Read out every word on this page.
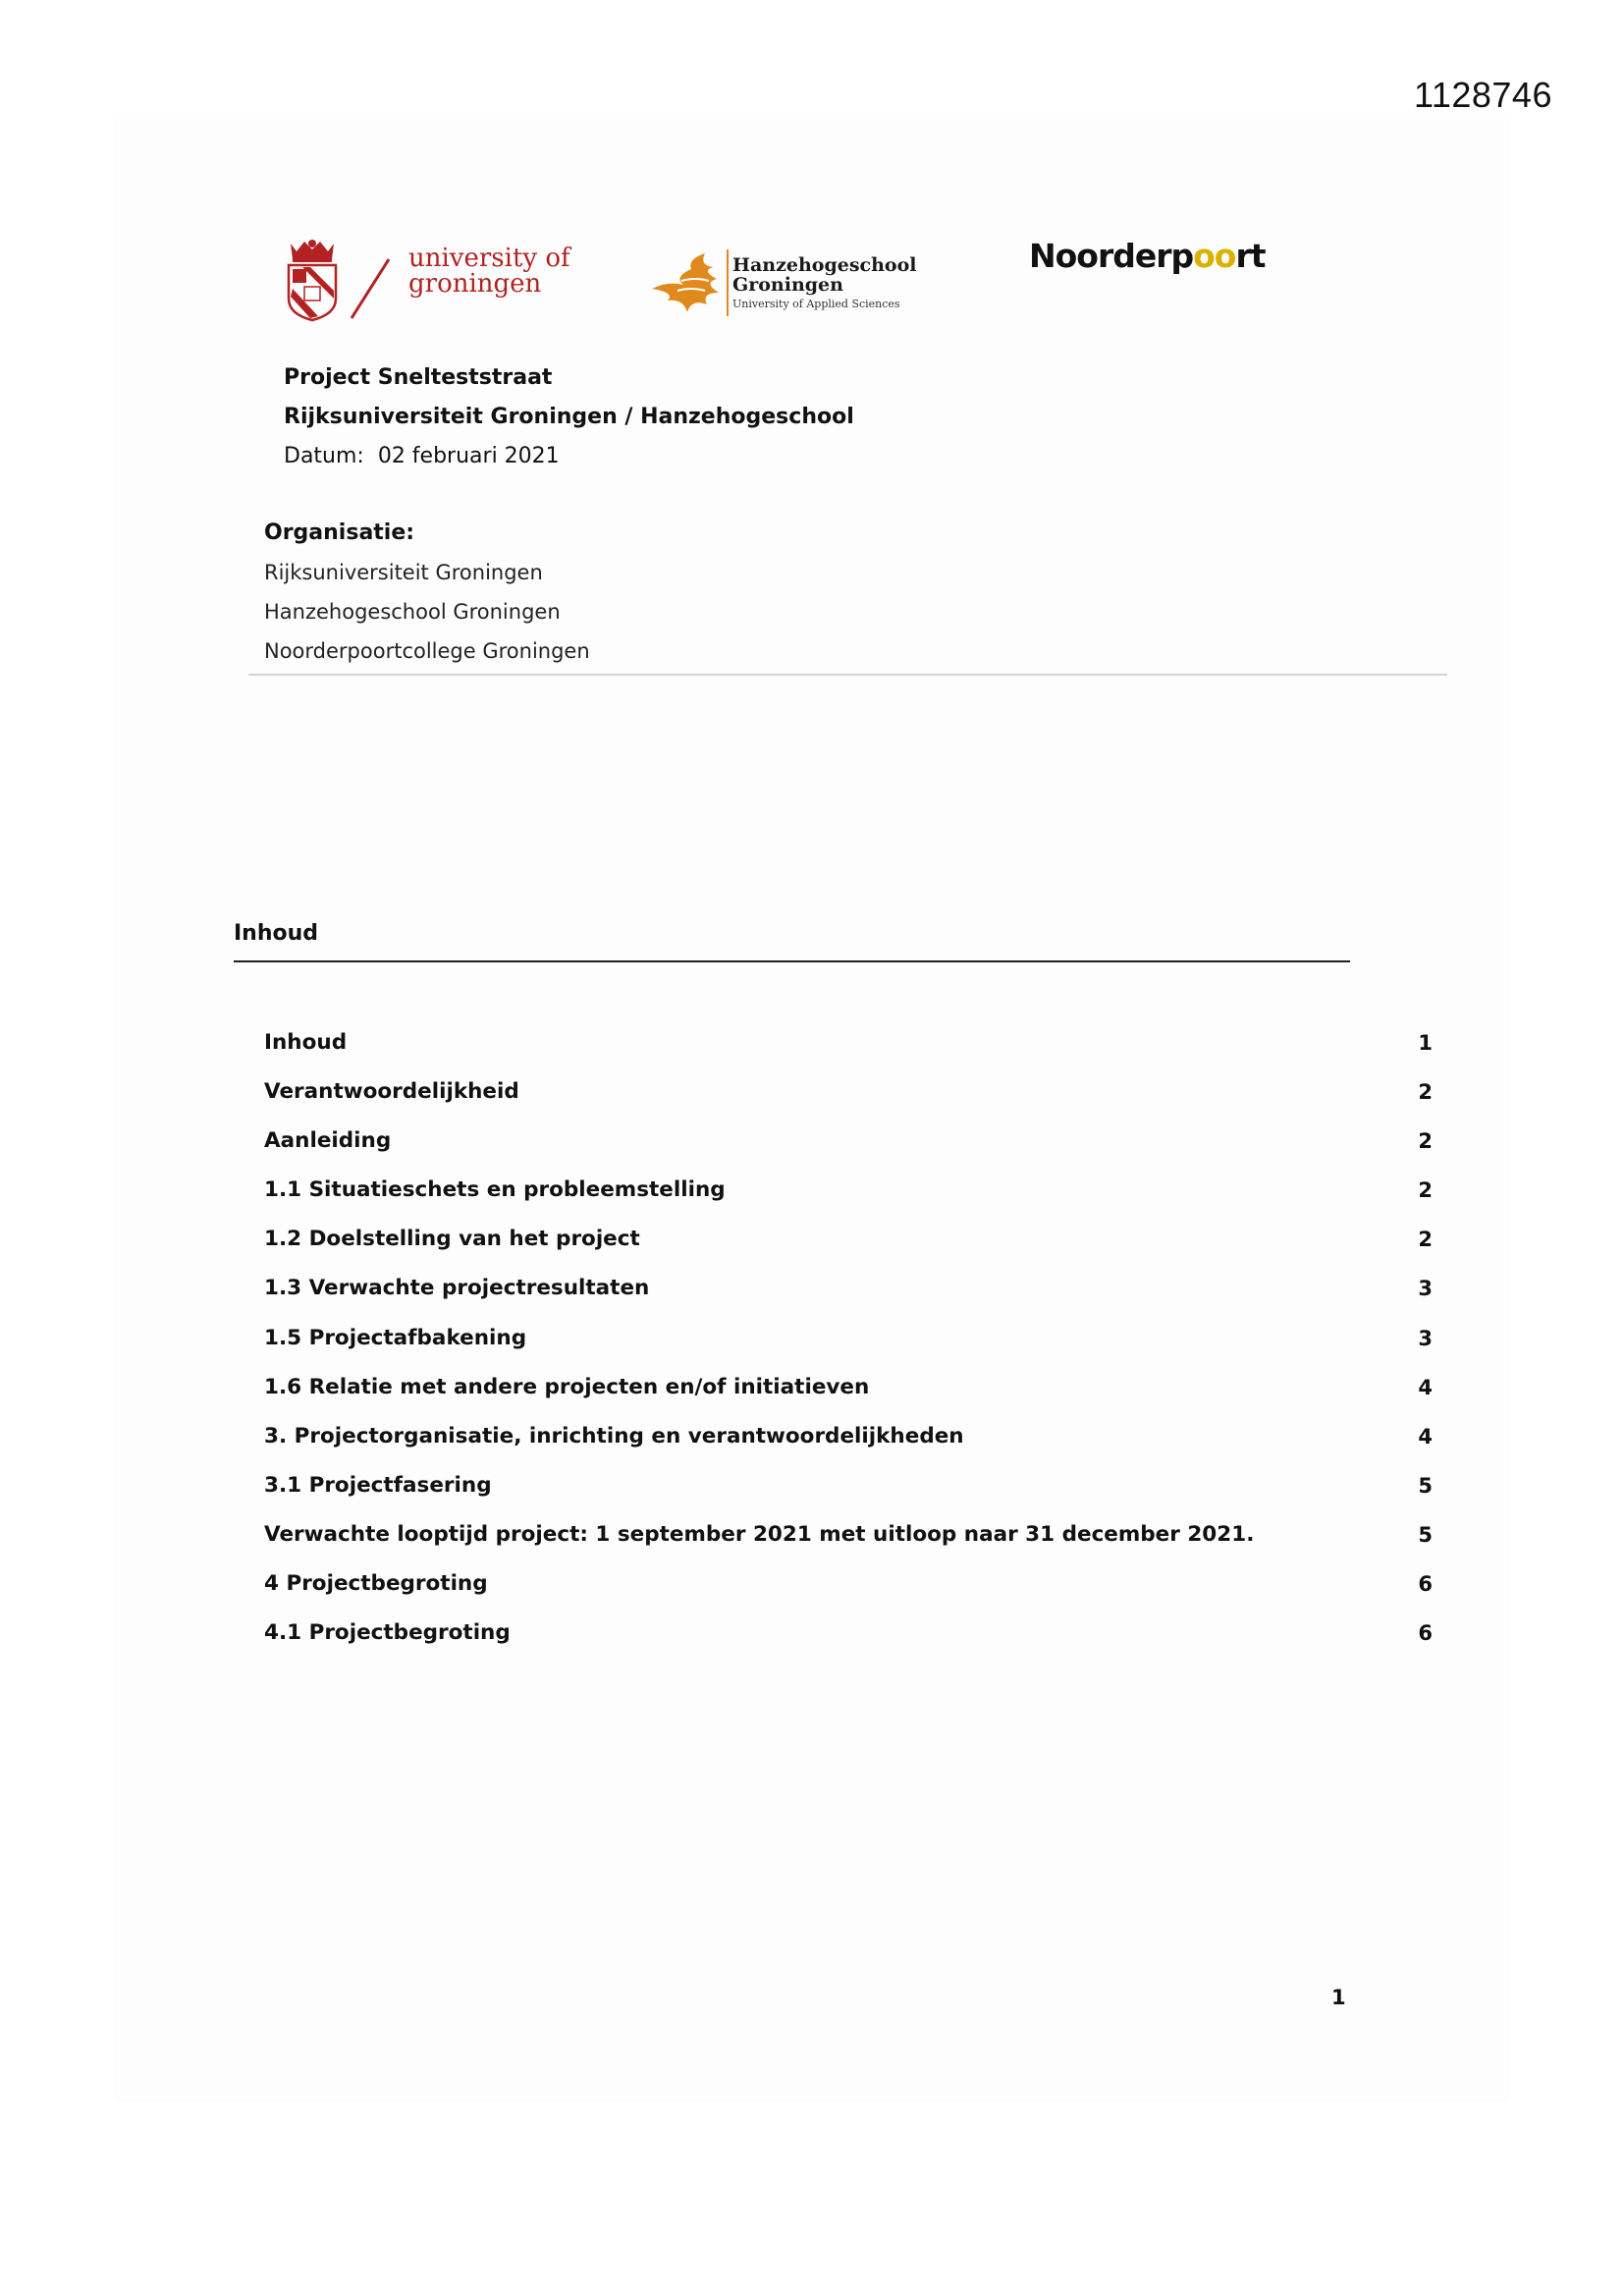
1128746
university of
groningen
Hanzehogeschool
Groningen
University of Applied Sciences
Noorderpoort
Project Snelteststraat
Rijksuniversiteit Groningen / Hanzehogeschool
Datum:  02 februari 2021
Organisatie:
Rijksuniversiteit Groningen
Hanzehogeschool Groningen
Noorderpoortcollege Groningen
Inhoud
Inhoud	1
Verantwoordelijkheid	2
Aanleiding	2
1.1 Situatieschets en probleemstelling	2
1.2 Doelstelling van het project	2
1.3 Verwachte projectresultaten	3
1.5 Projectafbakening	3
1.6 Relatie met andere projecten en/of initiatieven	4
3. Projectorganisatie, inrichting en verantwoordelijkheden	4
3.1 Projectfasering	5
Verwachte looptijd project: 1 september 2021 met uitloop naar 31 december 2021.	5
4 Projectbegroting	6
4.1 Projectbegroting	6
1
